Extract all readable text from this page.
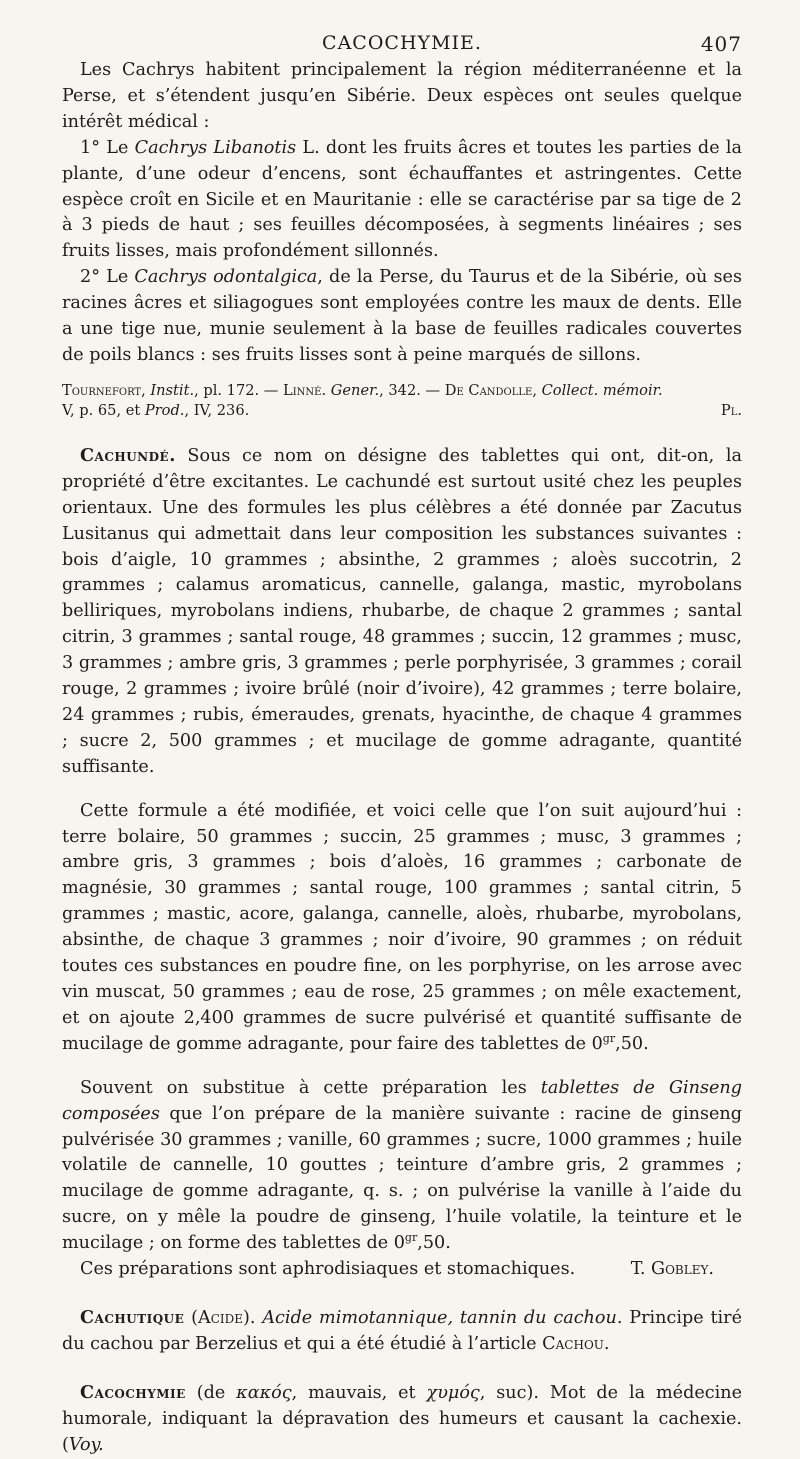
CACOCHYMIE.	407

Les Cachrys habitent principalement la région méditerranéenne et la Perse, et s’étendent jusqu’en Sibérie. Deux espèces ont seules quelque intérêt médical :

1° Le Cachrys Libanotis L. dont les fruits âcres et toutes les parties de la plante, d’une odeur d’encens, sont échauffantes et astringentes. Cette espèce croît en Sicile et en Mauritanie : elle se caractérise par sa tige de 2 à 3 pieds de haut ; ses feuilles décomposées, à segments linéaires ; ses fruits lisses, mais profondément sillonnés.

2° Le Cachrys odontalgica, de la Perse, du Taurus et de la Sibérie, où ses racines âcres et siliagogues sont employées contre les maux de dents. Elle a une tige nue, munie seulement à la base de feuilles radicales couvertes de poils blancs : ses fruits lisses sont à peine marqués de sillons.

Tournefort, Instit., pl. 172. — Linné. Gener., 342. — De Candolle, Collect. mémoir.
V, p. 65, et Prod., IV, 236.	Pl.

Cachundé. Sous ce nom on désigne des tablettes qui ont, dit-on, la propriété d’être excitantes. Le cachundé est surtout usité chez les peuples orientaux. Une des formules les plus célèbres a été donnée par Zacutus Lusitanus qui admettait dans leur composition les substances suivantes : bois d’aigle, 10 grammes ; absinthe, 2 grammes ; aloès succotrin, 2 grammes ; calamus aromaticus, cannelle, galanga, mastic, myrobolans belliriques, myrobolans indiens, rhubarbe, de chaque 2 grammes ; santal citrin, 3 grammes ; santal rouge, 48 grammes ; succin, 12 grammes ; musc, 3 grammes ; ambre gris, 3 grammes ; perle porphyrisée, 3 grammes ; corail rouge, 2 grammes ; ivoire brûlé (noir d’ivoire), 42 grammes ; terre bolaire, 24 grammes ; rubis, émeraudes, grenats, hyacinthe, de chaque 4 grammes ; sucre 2, 500 grammes ; et mucilage de gomme adragante, quantité suffisante.

Cette formule a été modifiée, et voici celle que l’on suit aujourd’hui : terre bolaire, 50 grammes ; succin, 25 grammes ; musc, 3 grammes ; ambre gris, 3 grammes ; bois d’aloès, 16 grammes ; carbonate de magnésie, 30 grammes ; santal rouge, 100 grammes ; santal citrin, 5 grammes ; mastic, acore, galanga, cannelle, aloès, rhubarbe, myrobolans, absinthe, de chaque 3 grammes ; noir d’ivoire, 90 grammes ; on réduit toutes ces substances en poudre fine, on les porphyrise, on les arrose avec vin muscat, 50 grammes ; eau de rose, 25 grammes ; on mêle exactement, et on ajoute 2,400 grammes de sucre pulvérisé et quantité suffisante de mucilage de gomme adragante, pour faire des tablettes de $0^{gr},50$.

Souvent on substitue à cette préparation les tablettes de Ginseng composées que l’on prépare de la manière suivante : racine de ginseng pulvérisée 30 grammes ; vanille, 60 grammes ; sucre, 1000 grammes ; huile volatile de cannelle, 10 gouttes ; teinture d’ambre gris, 2 grammes ; mucilage de gomme adragante, q. s. ; on pulvérise la vanille à l’aide du sucre, on y mêle la poudre de ginseng, l’huile volatile, la teinture et le mucilage ; on forme des tablettes de $0^{gr},50$.

Ces préparations sont aphrodisiaques et stomachiques.	T. Gobley.

Cachutique (Acide). Acide mimotannique, tannin du cachou. Principe tiré du cachou par Berzelius et qui a été étudié à l’article Cachou.

Cacochymie (de κακός, mauvais, et χυμός, suc). Mot de la médecine humorale, indiquant la dépravation des humeurs et causant la cachexie. (Voy.
